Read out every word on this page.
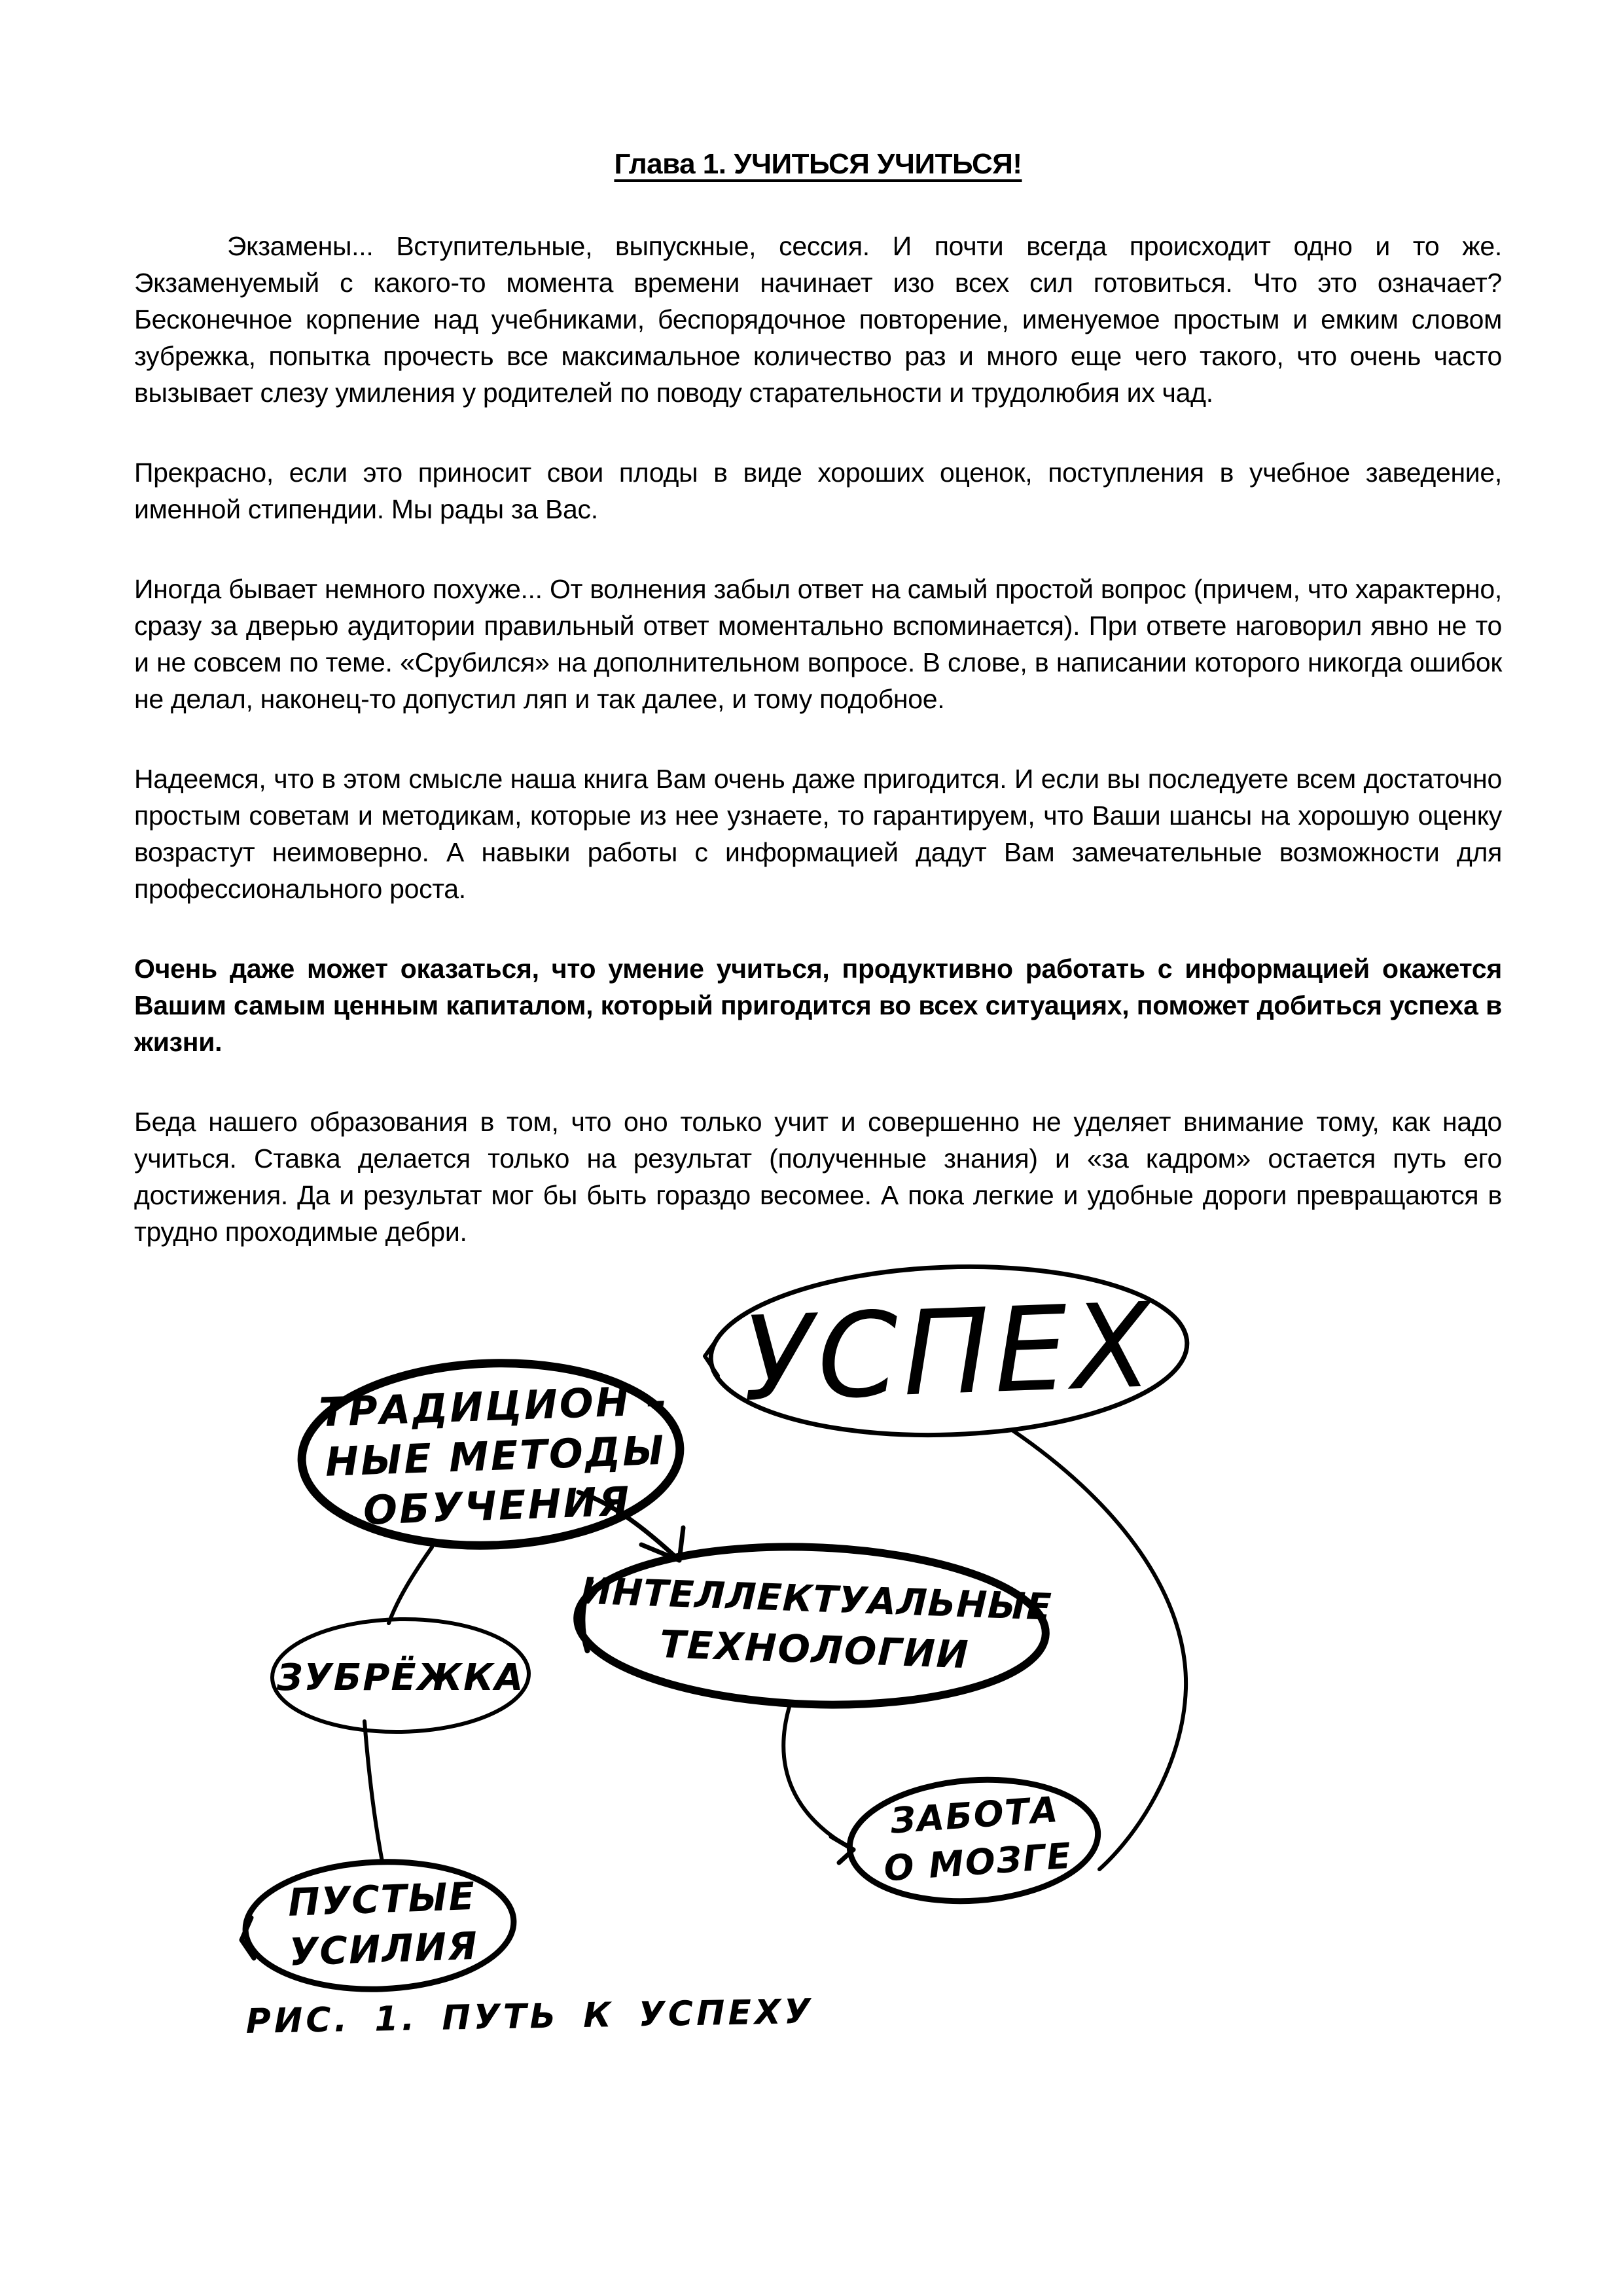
Глава 1. УЧИТЬСЯ УЧИТЬСЯ!

Экзамены... Вступительные, выпускные, сессия. И почти всегда происходит одно и то же. Экзаменуемый с какого-то момента времени начинает изо всех сил готовиться. Что это означает? Бесконечное корпение над учебниками, беспорядочное повторение, именуемое простым и емким словом зубрежка, попытка прочесть все максимальное количество раз и много еще чего такого, что очень часто вызывает слезу умиления у родителей по поводу старательности и трудолюбия их чад.

Прекрасно, если это приносит свои плоды в виде хороших оценок, поступления в учебное заведение, именной стипендии. Мы рады за Вас.

Иногда бывает немного похуже... От волнения забыл ответ на самый простой вопрос (причем, что характерно, сразу за дверью аудитории правильный ответ моментально вспоминается). При ответе наговорил явно не то и не совсем по теме. «Срубился» на дополнительном вопросе. В слове, в написании которого никогда ошибок не делал, наконец-то допустил ляп и так далее, и тому подобное.

Надеемся, что в этом смысле наша книга Вам очень даже пригодится. И если вы последуете всем достаточно простым советам и методикам, которые из нее узнаете, то гарантируем, что Ваши шансы на хорошую оценку возрастут неимоверно. А навыки работы с информацией дадут Вам замечательные возможности для профессионального роста.

Очень даже может оказаться, что умение учиться, продуктивно работать с информацией окажется Вашим самым ценным капиталом, который пригодится во всех ситуациях, поможет добиться успеха в жизни.

Беда нашего образования в том, что оно только учит и совершенно не уделяет внимание тому, как надо учиться. Ставка делается только на результат (полученные знания) и «за кадром» остается путь его достижения. Да и результат мог бы быть гораздо весомее. А пока легкие и удобные дороги превращаются в трудно проходимые дебри.

УСПЕХ
ТРАДИЦИОН –
НЫЕ МЕТОДЫ
ОБУЧЕНИЯ
ЗУБРЁЖКА
ИНТЕЛЛЕКТУАЛЬНЫЕ
ТЕХНОЛОГИИ
ЗАБОТА
О МОЗГЕ
ПУСТЫЕ
УСИЛИЯ
РИС. 1. ПУТЬ К УСПЕХУ
